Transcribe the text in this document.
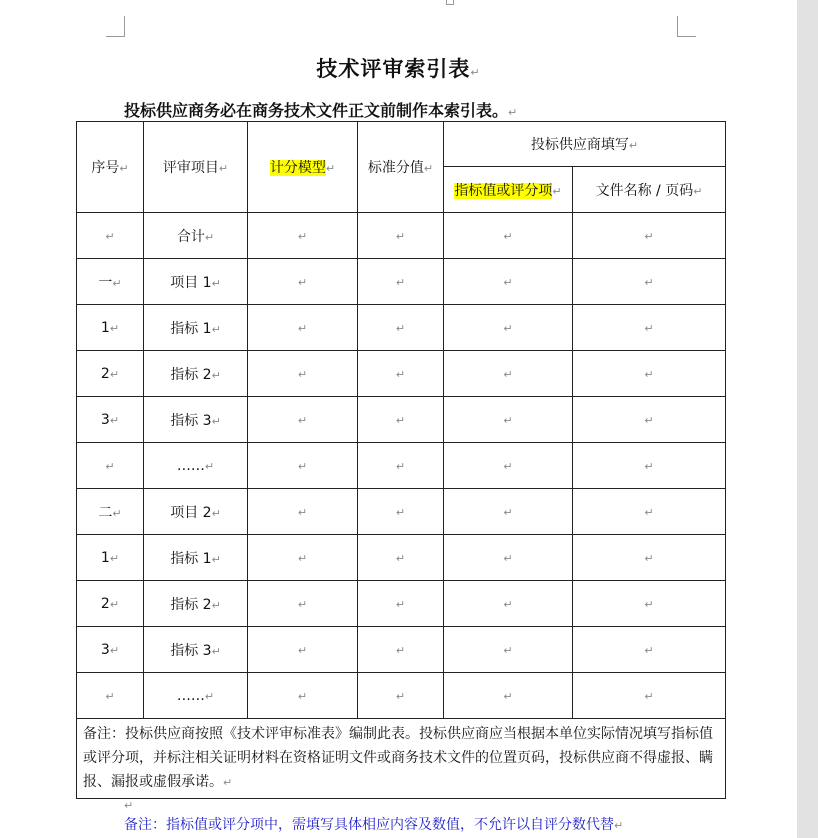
技术评审索引表↵
投标供应商务必在商务技术文件正文前制作本索引表。↵
序号↵	评审项目↵	计分模型↵	标准分值↵	投标供应商填写↵	
				指标值或评分项↵	文件名称 / 页码↵
↵	合计↵	↵	↵	↵	↵
一↵	项目 1↵	↵	↵	↵	↵
1↵	指标 1↵	↵	↵	↵	↵
2↵	指标 2↵	↵	↵	↵	↵
3↵	指标 3↵	↵	↵	↵	↵
↵	……↵	↵	↵	↵	↵
二↵	项目 2↵	↵	↵	↵	↵
1↵	指标 1↵	↵	↵	↵	↵
2↵	指标 2↵	↵	↵	↵	↵
3↵	指标 3↵	↵	↵	↵	↵
↵	……↵	↵	↵	↵	↵
备注：投标供应商按照《技术评审标准表》编制此表。投标供应商应当根据本单位实际情况填写指标值或评分项，并标注相关证明材料在资格证明文件或商务技术文件的位置页码，投标供应商不得虚报、瞒报、漏报或虚假承诺。↵					
↵
备注：指标值或评分项中，需填写具体相应内容及数值，不允许以自评分数代替↵
